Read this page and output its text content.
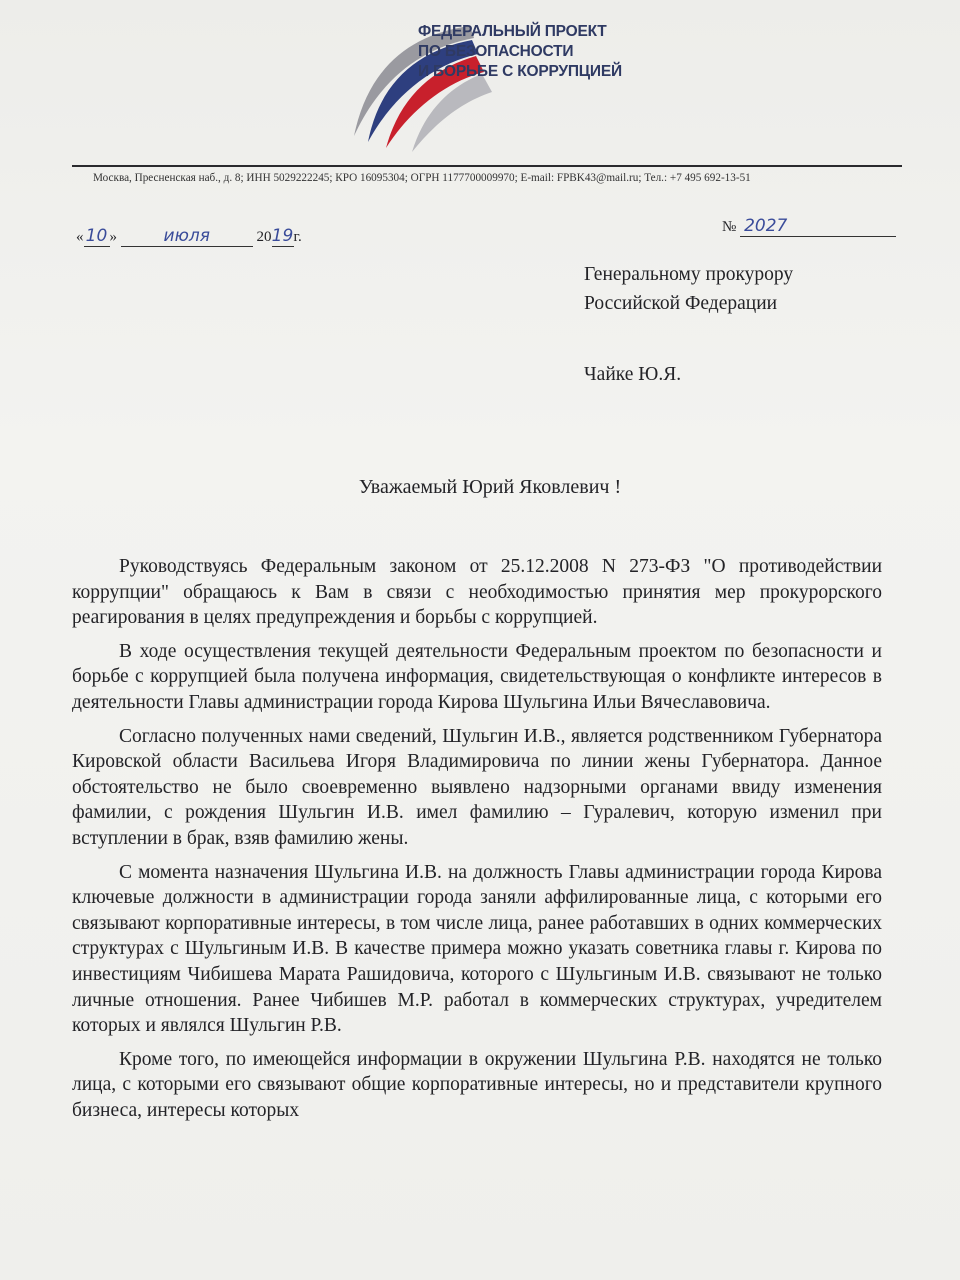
ФЕДЕРАЛЬНЫЙ ПРОЕКТ
ПО БЕЗОПАСНОСТИ
И БОРЬБЕ С КОРРУПЦИЕЙ
Москва, Пресненская наб., д. 8; ИНН 5029222245; КРО 16095304; ОГРН 1177700009970; E-mail: FPBK43@mail.ru; Тел.: +7 495 692-13-51
« 10 »	июля	2019г.
№ 2027
Генеральному прокурору
Российской Федерации
Чайке Ю.Я.
Уважаемый Юрий Яковлевич !

Руководствуясь Федеральным законом от 25.12.2008 N 273-ФЗ "О противодействии коррупции" обращаюсь к Вам в связи с необходимостью принятия мер прокурорского реагирования в целях предупреждения и борьбы с коррупцией.

В ходе осуществления текущей деятельности Федеральным проектом по безопасности и борьбе с коррупцией была получена информация, свидетельствующая о конфликте интересов в деятельности Главы администрации города Кирова Шульгина Ильи Вячеславовича.

Согласно полученных нами сведений, Шульгин И.В., является родственником Губернатора Кировской области Васильева Игоря Владимировича по линии жены Губернатора. Данное обстоятельство не было своевременно выявлено надзорными органами ввиду изменения фамилии, с рождения Шульгин И.В. имел фамилию – Гуралевич, которую изменил при вступлении в брак, взяв фамилию жены.

С момента назначения Шульгина И.В. на должность Главы администрации города Кирова ключевые должности в администрации города заняли аффилированные лица, с которыми его связывают корпоративные интересы, в том числе лица, ранее работавших в одних коммерческих структурах с Шульгиным И.В. В качестве примера можно указать советника главы г. Кирова по инвестициям Чибишева Марата Рашидовича, которого с Шульгиным И.В. связывают не только личные отношения. Ранее Чибишев М.Р. работал в коммерческих структурах, учредителем которых и являлся Шульгин Р.В.

Кроме того, по имеющейся информации в окружении Шульгина Р.В. находятся не только лица, с которыми его связывают общие корпоративные интересы, но и представители крупного бизнеса, интересы которых
